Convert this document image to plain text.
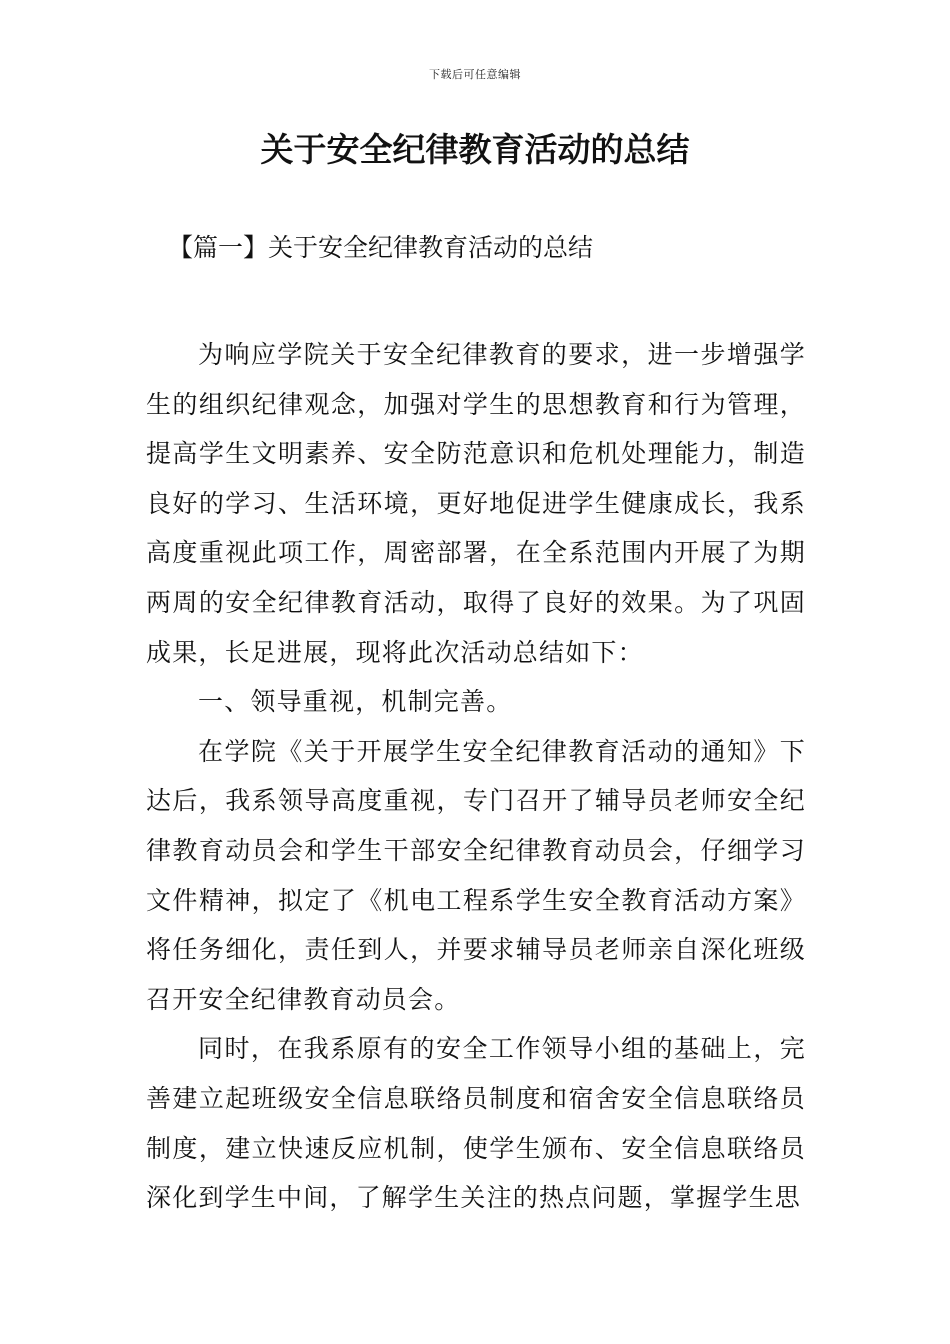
下载后可任意编辑
关于安全纪律教育活动的总结
【篇一】关于安全纪律教育活动的总结

为响应学院关于安全纪律教育的要求，进一步增强学生的组织纪律观念，加强对学生的思想教育和行为管理，提高学生文明素养、安全防范意识和危机处理能力，制造良好的学习、生活环境，更好地促进学生健康成长，我系高度重视此项工作，周密部署，在全系范围内开展了为期两周的安全纪律教育活动，取得了良好的效果。为了巩固成果，长足进展，现将此次活动总结如下：

一、领导重视，机制完善。

在学院《关于开展学生安全纪律教育活动的通知》下达后，我系领导高度重视，专门召开了辅导员老师安全纪律教育动员会和学生干部安全纪律教育动员会，仔细学习文件精神，拟定了《机电工程系学生安全教育活动方案》将任务细化，责任到人，并要求辅导员老师亲自深化班级召开安全纪律教育动员会。

同时，在我系原有的安全工作领导小组的基础上，完善建立起班级安全信息联络员制度和宿舍安全信息联络员制度，建立快速反应机制，使学生颁布、安全信息联络员深化到学生中间，了解学生关注的热点问题，掌握学生思
